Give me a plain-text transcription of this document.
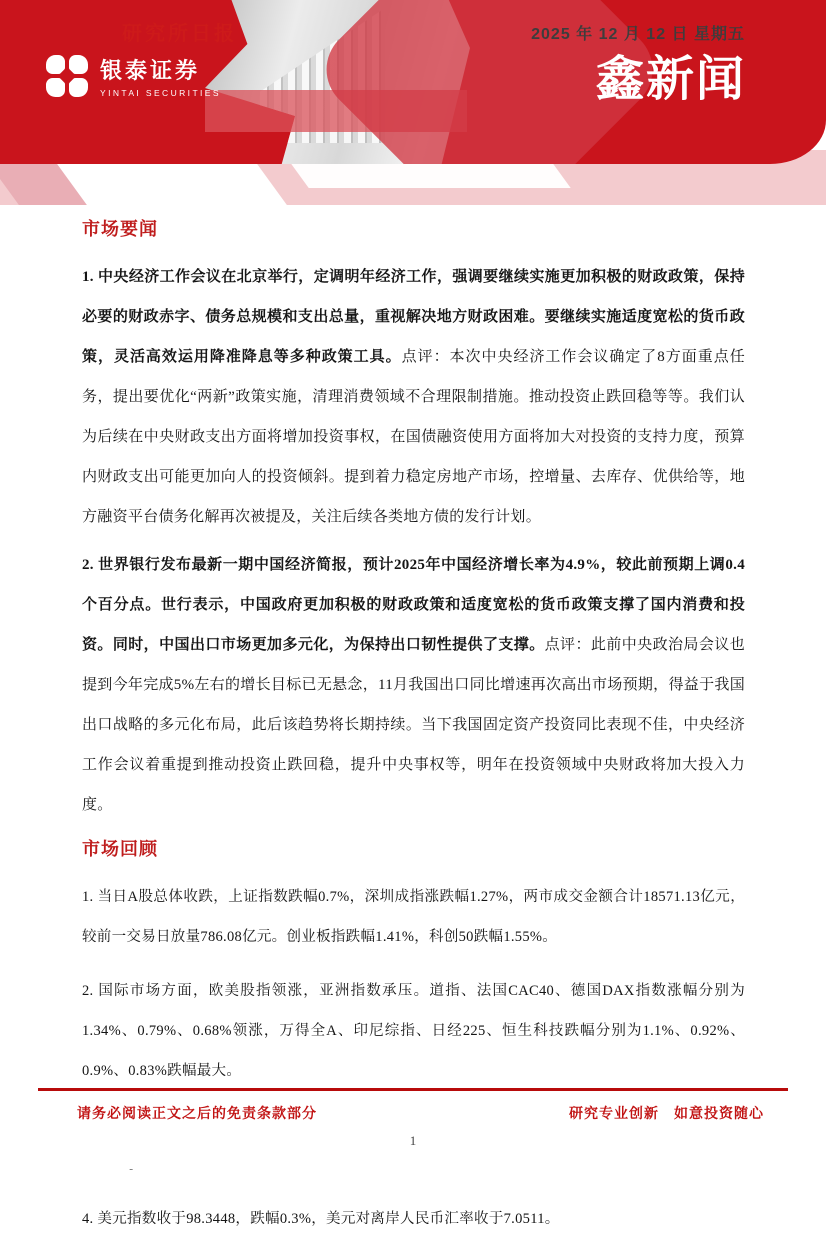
研究所日报	2025 年 12 月 12 日 星期五
银泰证券
YINTAI SECURITIES	鑫新闻
市场要闻

1. 中央经济工作会议在北京举行，定调明年经济工作，强调要继续实施更加积极的财政政策，保持必要的财政赤字、债务总规模和支出总量，重视解决地方财政困难。要继续实施适度宽松的货币政策，灵活高效运用降准降息等多种政策工具。点评：本次中央经济工作会议确定了8方面重点任务，提出要优化“两新”政策实施，清理消费领域不合理限制措施。推动投资止跌回稳等等。我们认为后续在中央财政支出方面将增加投资事权，在国债融资使用方面将加大对投资的支持力度，预算内财政支出可能更加向人的投资倾斜。提到着力稳定房地产市场，控增量、去库存、优供给等，地方融资平台债务化解再次被提及，关注后续各类地方债的发行计划。

2. 世界银行发布最新一期中国经济简报，预计2025年中国经济增长率为4.9%，较此前预期上调0.4个百分点。世行表示，中国政府更加积极的财政政策和适度宽松的货币政策支撑了国内消费和投资。同时，中国出口市场更加多元化，为保持出口韧性提供了支撑。点评：此前中央政治局会议也提到今年完成5%左右的增长目标已无悬念，11月我国出口同比增速再次高出市场预期，得益于我国出口战略的多元化布局，此后该趋势将长期持续。当下我国固定资产投资同比表现不佳，中央经济工作会议着重提到推动投资止跌回稳，提升中央事权等，明年在投资领域中央财政将加大投入力度。

市场回顾

1. 当日A股总体收跌，上证指数跌幅0.7%，深圳成指涨跌幅1.27%，两市成交金额合计18571.13亿元，较前一交易日放量786.08亿元。创业板指跌幅1.41%，科创50跌幅1.55%。

2. 国际市场方面，欧美股指领涨，亚洲指数承压。道指、法国CAC40、德国DAX指数涨幅分别为1.34%、0.79%、0.68%领涨，万得全A、印尼综指、日经225、恒生科技跌幅分别为1.1%、0.92%、0.9%、0.83%跌幅最大。

4. 美元指数收于98.3448，跌幅0.3%，美元对离岸人民币汇率收于7.0511。

请务必阅读正文之后的免责条款部分	研究专业创新　如意投资随心
1
